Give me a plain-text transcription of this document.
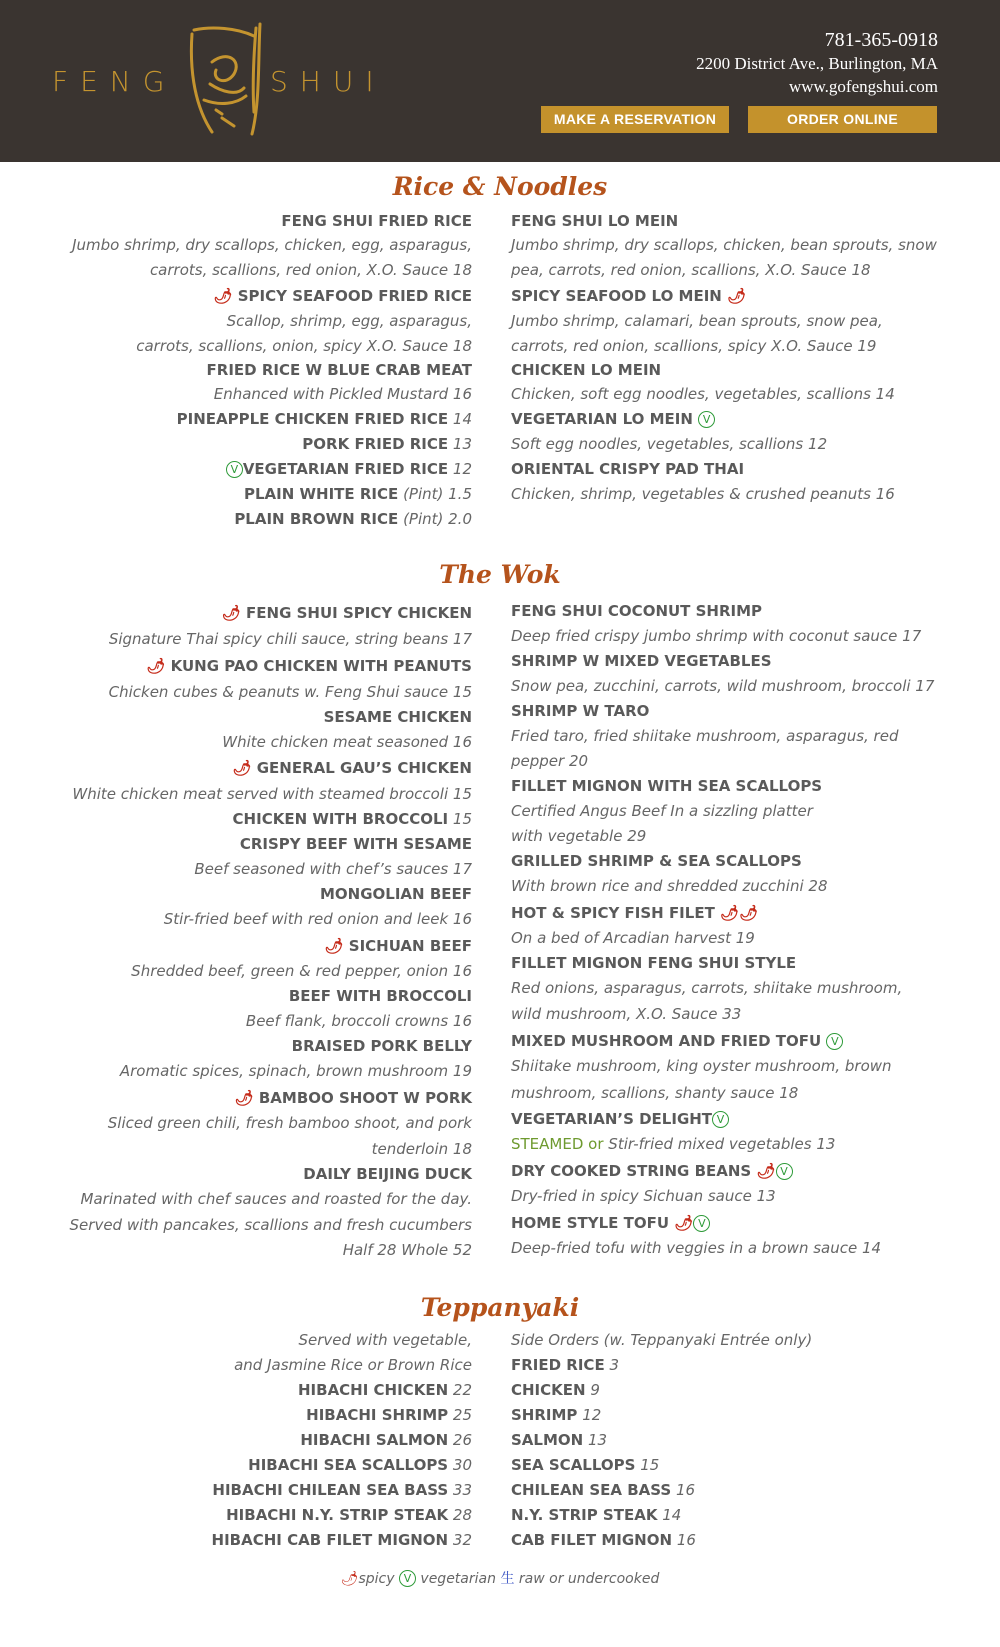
FENG	SHUI
781-365-0918
2200 District Ave., Burlington, MA
www.gofengshui.com
MAKE A RESERVATION	ORDER ONLINE
Rice & Noodles
FENG SHUI FRIED RICE
Jumbo shrimp, dry scallops, chicken, egg, asparagus,
carrots, scallions, red onion, X.O. Sauce 18
🌶 SPICY SEAFOOD FRIED RICE
Scallop, shrimp, egg, asparagus,
carrots, scallions, onion, spicy X.O. Sauce 18
FRIED RICE W BLUE CRAB MEAT
Enhanced with Pickled Mustard 16
PINEAPPLE CHICKEN FRIED RICE 14
PORK FRIED RICE 13
V VEGETARIAN FRIED RICE 12
PLAIN WHITE RICE (Pint) 1.5
PLAIN BROWN RICE (Pint) 2.0
FENG SHUI LO MEIN
Jumbo shrimp, dry scallops, chicken, bean sprouts, snow
pea, carrots, red onion, scallions, X.O. Sauce 18
SPICY SEAFOOD LO MEIN 🌶
Jumbo shrimp, calamari, bean sprouts, snow pea,
carrots, red onion, scallions, spicy X.O. Sauce 19
CHICKEN LO MEIN
Chicken, soft egg noodles, vegetables, scallions 14
VEGETARIAN LO MEIN V
Soft egg noodles, vegetables, scallions 12
ORIENTAL CRISPY PAD THAI
Chicken, shrimp, vegetables & crushed peanuts 16
The Wok
🌶 FENG SHUI SPICY CHICKEN
Signature Thai spicy chili sauce, string beans 17
🌶 KUNG PAO CHICKEN WITH PEANUTS
Chicken cubes & peanuts w. Feng Shui sauce 15
SESAME CHICKEN
White chicken meat seasoned 16
🌶 GENERAL GAU’S CHICKEN
White chicken meat served with steamed broccoli 15
CHICKEN WITH BROCCOLI 15
CRISPY BEEF WITH SESAME
Beef seasoned with chef’s sauces 17
MONGOLIAN BEEF
Stir-fried beef with red onion and leek 16
🌶 SICHUAN BEEF
Shredded beef, green & red pepper, onion 16
BEEF WITH BROCCOLI
Beef flank, broccoli crowns 16
BRAISED PORK BELLY
Aromatic spices, spinach, brown mushroom 19
🌶 BAMBOO SHOOT W PORK
Sliced green chili, fresh bamboo shoot, and pork
tenderloin 18
DAILY BEIJING DUCK
Marinated with chef sauces and roasted for the day.
Served with pancakes, scallions and fresh cucumbers
Half 28 Whole 52
FENG SHUI COCONUT SHRIMP
Deep fried crispy jumbo shrimp with coconut sauce 17
SHRIMP W MIXED VEGETABLES
Snow pea, zucchini, carrots, wild mushroom, broccoli 17
SHRIMP W TARO
Fried taro, fried shiitake mushroom, asparagus, red
pepper 20
FILLET MIGNON WITH SEA SCALLOPS
Certified Angus Beef In a sizzling platter
with vegetable 29
GRILLED SHRIMP & SEA SCALLOPS
With brown rice and shredded zucchini 28
HOT & SPICY FISH FILET 🌶🌶
On a bed of Arcadian harvest 19
FILLET MIGNON FENG SHUI STYLE
Red onions, asparagus, carrots, shiitake mushroom,
wild mushroom, X.O. Sauce 33
MIXED MUSHROOM AND FRIED TOFU V
Shiitake mushroom, king oyster mushroom, brown
mushroom, scallions, shanty sauce 18
VEGETARIAN’S DELIGHT V
STEAMED or Stir-fried mixed vegetables 13
DRY COOKED STRING BEANS 🌶 V
Dry-fried in spicy Sichuan sauce 13
HOME STYLE TOFU 🌶 V
Deep-fried tofu with veggies in a brown sauce 14
Teppanyaki
Served with vegetable,
and Jasmine Rice or Brown Rice
HIBACHI CHICKEN 22
HIBACHI SHRIMP 25
HIBACHI SALMON 26
HIBACHI SEA SCALLOPS 30
HIBACHI CHILEAN SEA BASS 33
HIBACHI N.Y. STRIP STEAK 28
HIBACHI CAB FILET MIGNON 32
Side Orders (w. Teppanyaki Entrée only)
FRIED RICE 3
CHICKEN 9
SHRIMP 12
SALMON 13
SEA SCALLOPS 15
CHILEAN SEA BASS 16
N.Y. STRIP STEAK 14
CAB FILET MIGNON 16
🌶spicy V vegetarian 生 raw or undercooked
